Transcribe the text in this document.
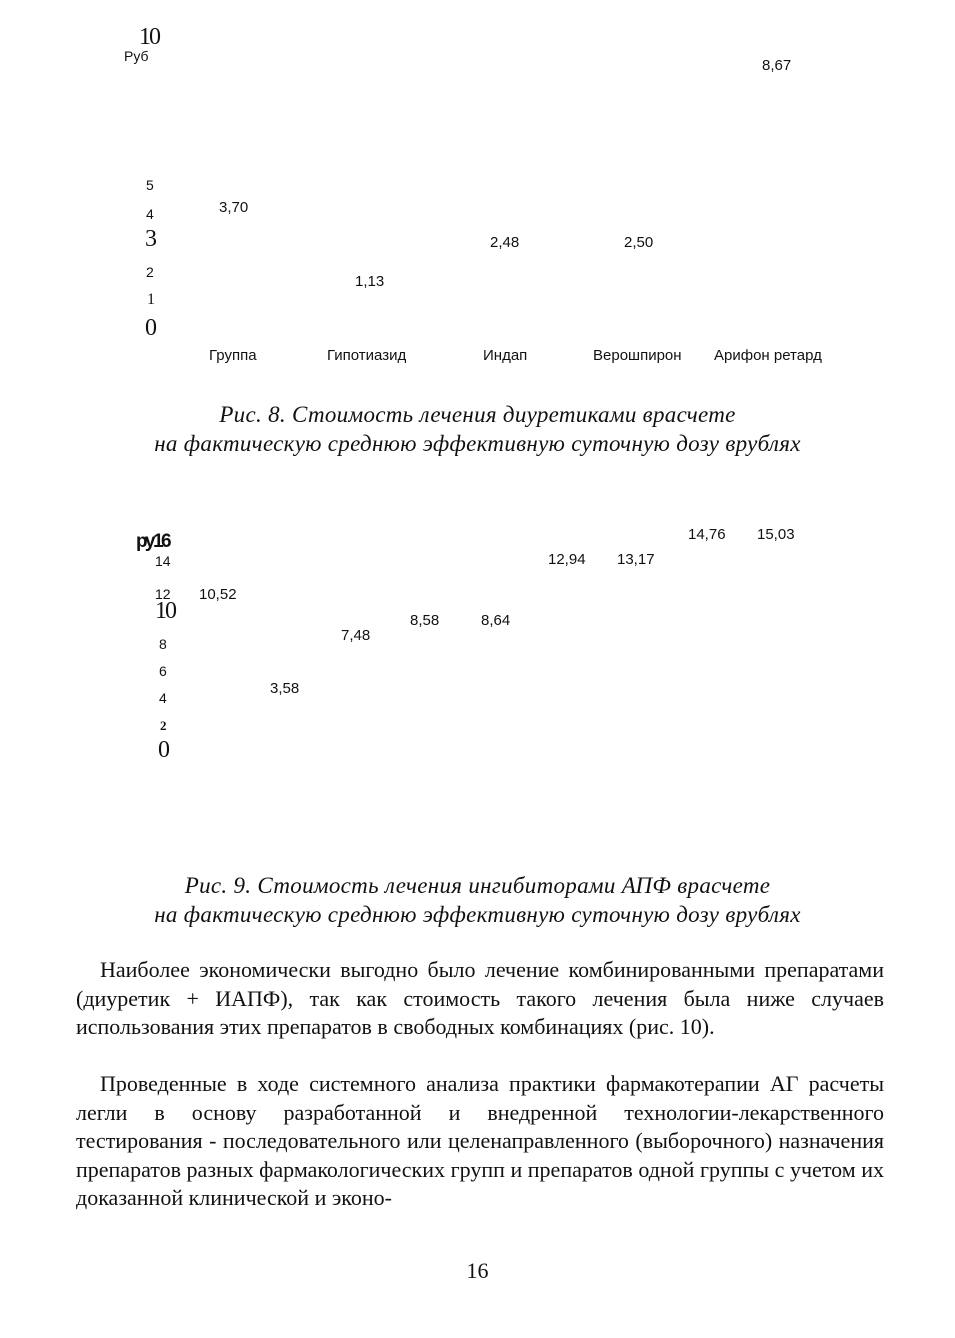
10
Руб
5
4
3
2
1
0
3,70
1,13
2,48	2,50
8,67
Группа	Гипотиазид	Индап	Верошпирон Арифон ретард
Рис. 8. Стоимость лечения диуретиками врасчете
на фактическую среднюю эффективную суточную дозу врублях
ру16
14
12
10
8
6
4
2
0
10,52
3,58
7,48
8,58	8,64
12,94 13,17
14,76 15,03
Рис. 9. Стоимость лечения ингибиторами АПФ врасчете
на фактическую среднюю эффективную суточную дозу врублях

Наиболее экономически выгодно было лечение комбинированными препаратами (диуретик + ИАПФ), так как стоимость такого лечения была ниже случаев использования этих препаратов в свободных комбинациях (рис. 10).

Проведенные в ходе системного анализа практики фармакотерапии АГ расчеты легли в основу разработанной и внедренной технологии-лекарственного тестирования - последовательного или целенаправленного (выборочного) назначения препаратов разных фармакологических групп и препаратов одной группы с учетом их доказанной клинической и эконо-

16
